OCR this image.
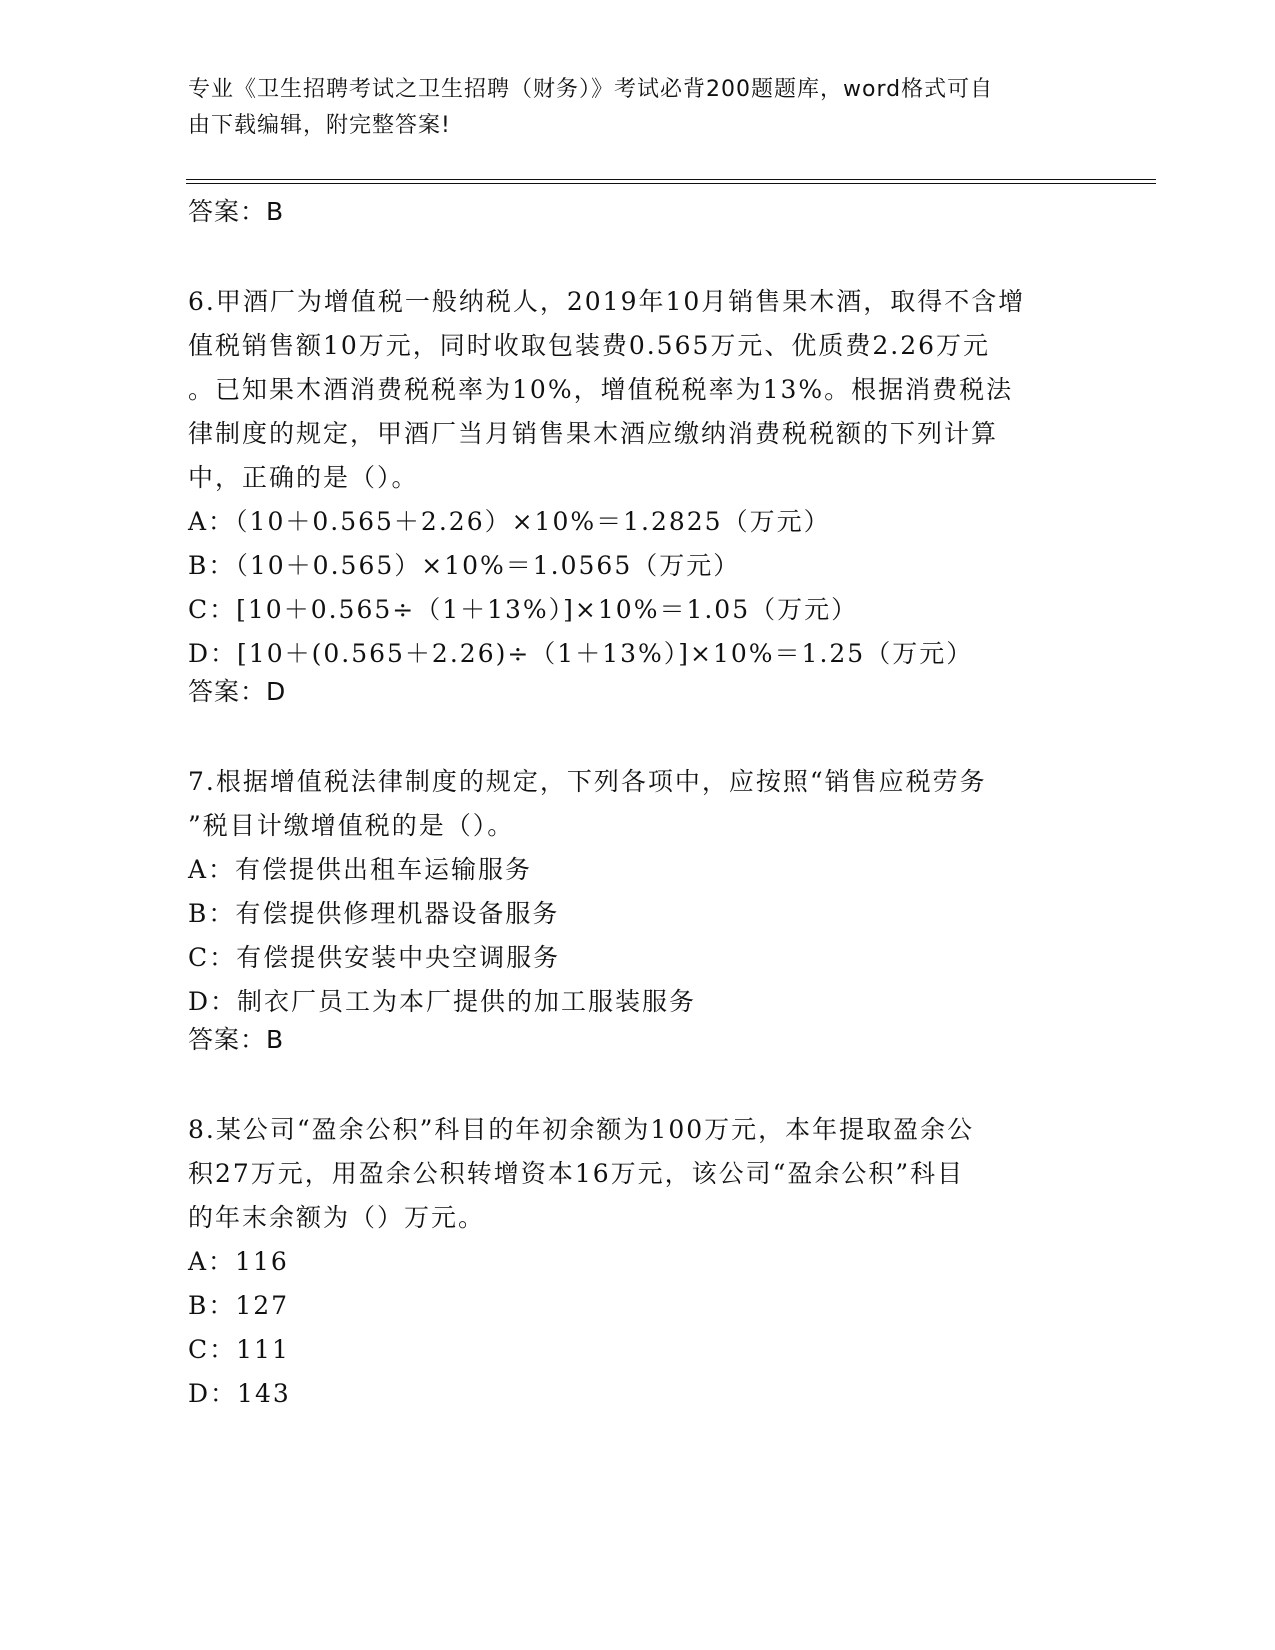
专业《卫生招聘考试之卫生招聘（财务）》考试必背200题题库，word格式可自
由下载编辑，附完整答案!
答案：B
6.甲酒厂为增值税一般纳税人，2019年10月销售果木酒，取得不含增
值税销售额10万元，同时收取包装费0.565万元、优质费2.26万元
。已知果木酒消费税税率为10%，增值税税率为13%。根据消费税法
律制度的规定，甲酒厂当月销售果木酒应缴纳消费税税额的下列计算
中，正确的是（）。
A：（10＋0.565＋2.26）×10%＝1.2825（万元）
B：（10＋0.565）×10%＝1.0565（万元）
C：[10＋0.565÷（1＋13%）]×10%＝1.05（万元）
D：[10＋(0.565＋2.26)÷（1＋13%）]×10%＝1.25（万元）
答案：D
7.根据增值税法律制度的规定，下列各项中，应按照“销售应税劳务
”税目计缴增值税的是（）。
A：有偿提供出租车运输服务
B：有偿提供修理机器设备服务
C：有偿提供安装中央空调服务
D：制衣厂员工为本厂提供的加工服装服务
答案：B
8.某公司“盈余公积”科目的年初余额为100万元，本年提取盈余公
积27万元，用盈余公积转增资本16万元，该公司“盈余公积”科目
的年末余额为（）万元。
A：116
B：127
C：111
D：143
